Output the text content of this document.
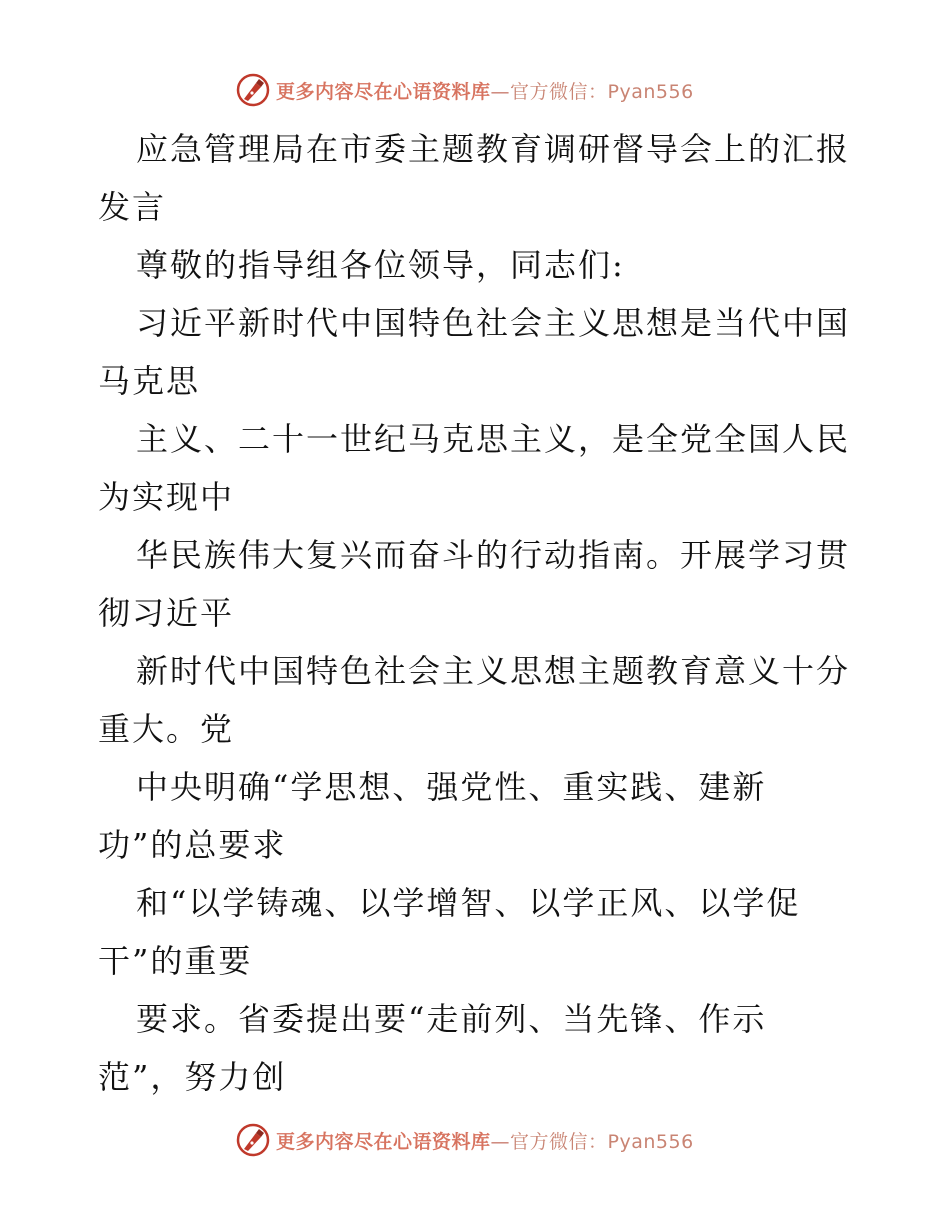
更多内容尽在心语资料库—官方微信：Pyan556
应急管理局在市委主题教育调研督导会上的汇报
发言
尊敬的指导组各位领导，同志们:
习近平新时代中国特色社会主义思想是当代中国
马克思
主义、二十一世纪马克思主义，是全党全国人民
为实现中
华民族伟大复兴而奋斗的行动指南。开展学习贯
彻习近平
新时代中国特色社会主义思想主题教育意义十分
重大。党
中央明确“学思想、强党性、重实践、建新
功”的总要求
和“以学铸魂、以学增智、以学正风、以学促
干”的重要
要求。省委提出要“走前列、当先锋、作示
范”，努力创
更多内容尽在心语资料库—官方微信：Pyan556
